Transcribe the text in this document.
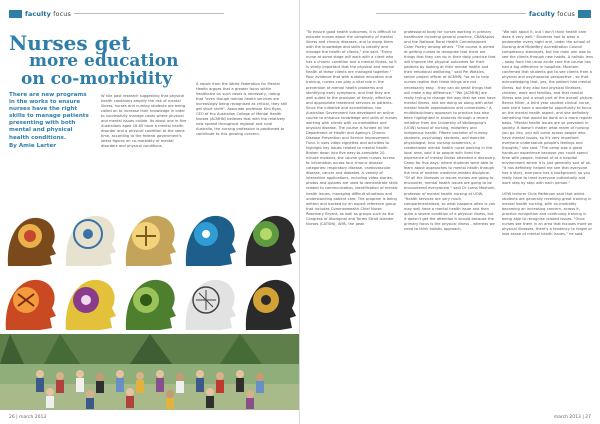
faculty focus
Nurses get
more education
on co-morbidity
There are new programs in the works to ensure nurses have the right skills to manage patients presenting with both mental and physical health conditions.
By Amie Larter
W hile past research suggesting that physical health conditions amplify the risk of mental illness, nurses and nursing students are being called on to increase their knowledge in order to successfully manage cases where physical and mental issues collide. Its about one in five Australians aged 16-85 have a mental health disorder and a physical condition at the same time, according to the federal government's latest figures on co-morbidity of mental disorders and physical conditions.
A report from the World Federation for Mental Health argues that a greater focus within healthcare on such cases is necessary, noting that "even though mental health services are increasingly being recognised as critical, they still get short shrift". Associate professor Kim Ryan, CEO of the Australian College of Mental Health Nurses (ACMHN) believes that with the relatively new spread throughout regional and rural Australia, the nursing profession is positioned to contribute to this growing concern.
26 | march 2013
faculty focus
"To ensure good health outcomes, it is difficult to educate nurses about the complexity of mental illness and chronic diseases, and to equip them with the knowledge and skills to identify and manage the health of clients," she said. "Every nurse at some stage will work with a client who has a chronic condition and a mental illness, so it is vitally important that the physical and mental health of these clients are managed together." Poor evidence that with suitable education and training, nurses can play a vital role in the prevention of mental health problems and identifying early symptoms, and that they are well suited to the provision of timely, effective and appropriate treatment services to patients. Since the initiative and accreditation, the Australian Government has developed an online course to enhance knowledge and skills of nurses working with clients with co-morbidities and physical disease. The course is funded by the Department of Health and Ageing's Chronic Disease Prevention and Service Improvement Fund. It uses video vignettes and activities to highlight key issues related to mental health. Broken down into five easy-to-complete 20-minute modules, the course gives nurses access to information across four chronic disease categories: respiratory disease, cardiovascular disease, cancer and diabetes. A variety of interactive applications, including video stories, photos and quizzes are used to demonstrate skills related to communication, identification of mental health issues, managing difficult situations and understanding patient care. The program is being written and backed by an expert reference group that includes Commonwealth Chief Nurse Rosemary Bryant, as well as groups such as the Congress of Aboriginal and Torres Strait Islander Nurses (CATSIN), AIPA, the peak
professional body for nurses working in primary healthcare including general practice, CRANAplus and the National Rural Health Commissioned Carer Poetry among others. "The course is aimed at getting nurses to recognise that there are things that they can do in their daily practice that will improve the physical outcomes for their patients by looking at their mental health and their emotional wellbeing," said Pei Watkins, senior project officer at ACMHN, "so as to help nurses realise that those things are not necessarily easy - they can do small things that will make a big difference." "We [ACMHN] are really trying to change the way that we care have mental illness, and are doing so along with other mental health organisations and universities." A multidisciplinary approach to practice has also been highlighted in students through a recent initiative from the University of Wollongong's (UOW) school of nursing, midwifery and indigenous health. Fifteen bachelor of nursing students, psychology students, and exercise physiologist, tour nursing academics, a credentialed mental health nurse working in the local area, said it to people with lived the experience of mental illness attended a discovery. Camp for five days, where students were able to learn about approaches to mental health through the lens of another medicine-related discipline. "Of all the illnesses or issues nurses are going to encounter, mental health issues are going to be encountered everywhere," said Dr Lorna Moxham, professor of mental health nursing at UOW. "Health services are very much compartmentalised, so what happens often is you may well have a mental health issue and then quite a severe condition of a physical illness, but it doesn't get the attention it should because the primary focus is the physical illness - whereas we need to think holistic approach.
"We talk about it, but I don't think health care does it very well." Students had to wear a pedometer every night and, under the school of Nursing and Midwifery Accreditation Council competency standards, but the main aim was to see the clients through new habits. A holistic lens - away from the usual acute care the course has had a big difference in hospitals. Moxham confirmed that students got to see clients from a physical and psychosocial perspective - so that acknowledging that, yes, the patient had mental illness, but they also had physical illnesses, children, work and families, and that mental illness was just a small part of the overall picture. Bernie Miller, a third year student clinical nurse, said she'd have a wonderful opportunity to focus on the mental health aspect, and she definitely something that would be done on a more regular basis. "Mental health issues are so prevalent in society. It doesn't matter what realm of nursing you go into, you will come across people who have mental issues, so it's very important everyone understands people's feelings and thoughts," she said. "The camp was a great hands-on experience because you could spend time with people, instead of at a hospital environment where it is just generally sort of ok. "It has definitely helped me see that everyone has a story, everyone has a background, so you really have to treat everyone individually and work step by step with each person."

UOW lecturer Chris Patterson said that whilst students are generally receiving great training in mental health nursing, with co-morbidity becoming an increasing concern, across it, practice recognition and continuing training in being able to recognise related issues. "Once nurses see them in an area that focuses more on physical illnesses, there's a tendency to forget or lose sense of mental health issues," he said.
march 2013 | 27
